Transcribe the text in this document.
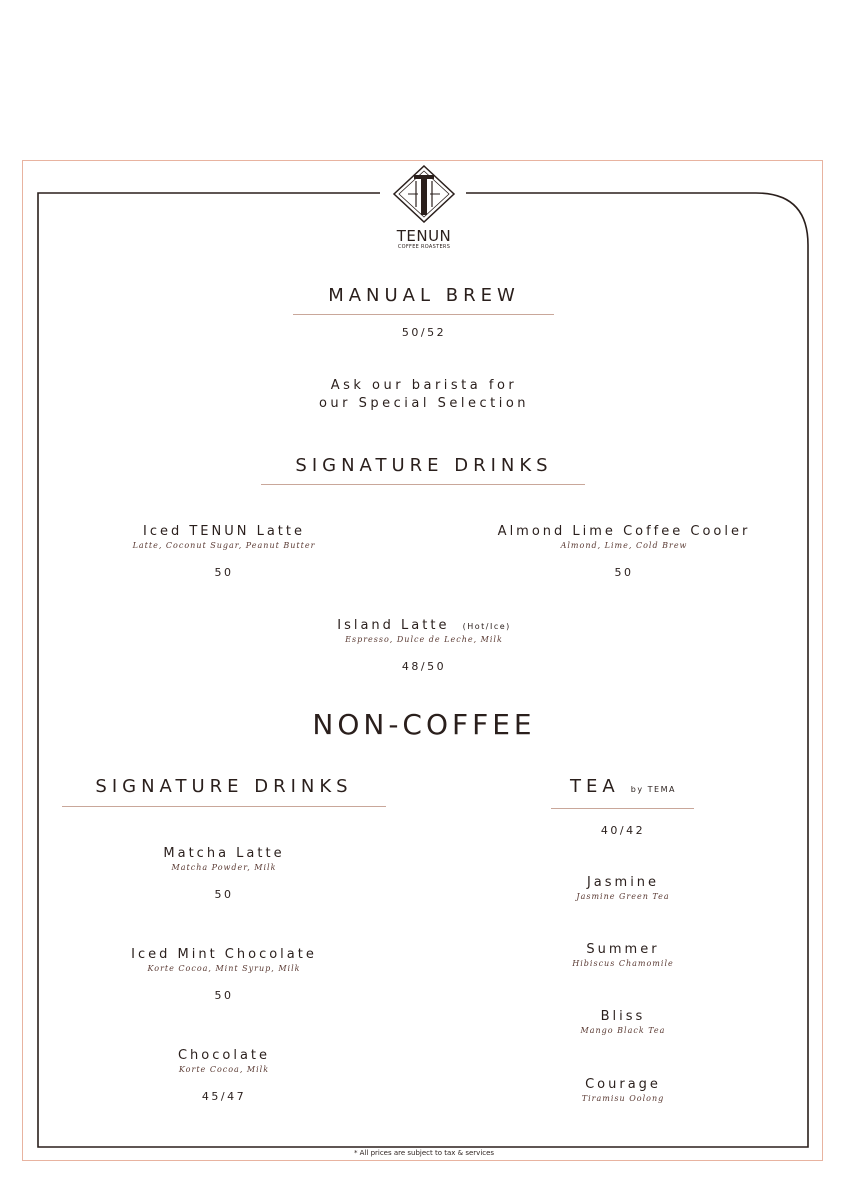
TENUN
COFFEE ROASTERS
MANUAL BREW
50/52
Ask our barista for
our Special Selection
SIGNATURE DRINKS
Iced TENUN Latte
Latte, Coconut Sugar, Peanut Butter
50
Almond Lime Coffee Cooler
Almond, Lime, Cold Brew
50
Island Latte (Hot/Ice)
Espresso, Dulce de Leche, Milk
48/50
NON-COFFEE
SIGNATURE DRINKS
Matcha Latte
Matcha Powder, Milk
50
Iced Mint Chocolate
Korte Cocoa, Mint Syrup, Milk
50
Chocolate
Korte Cocoa, Milk
45/47
TEA by TEMA
40/42
Jasmine
Jasmine Green Tea
Summer
Hibiscus Chamomile
Bliss
Mango Black Tea
Courage
Tiramisu Oolong
* All prices are subject to tax & services
